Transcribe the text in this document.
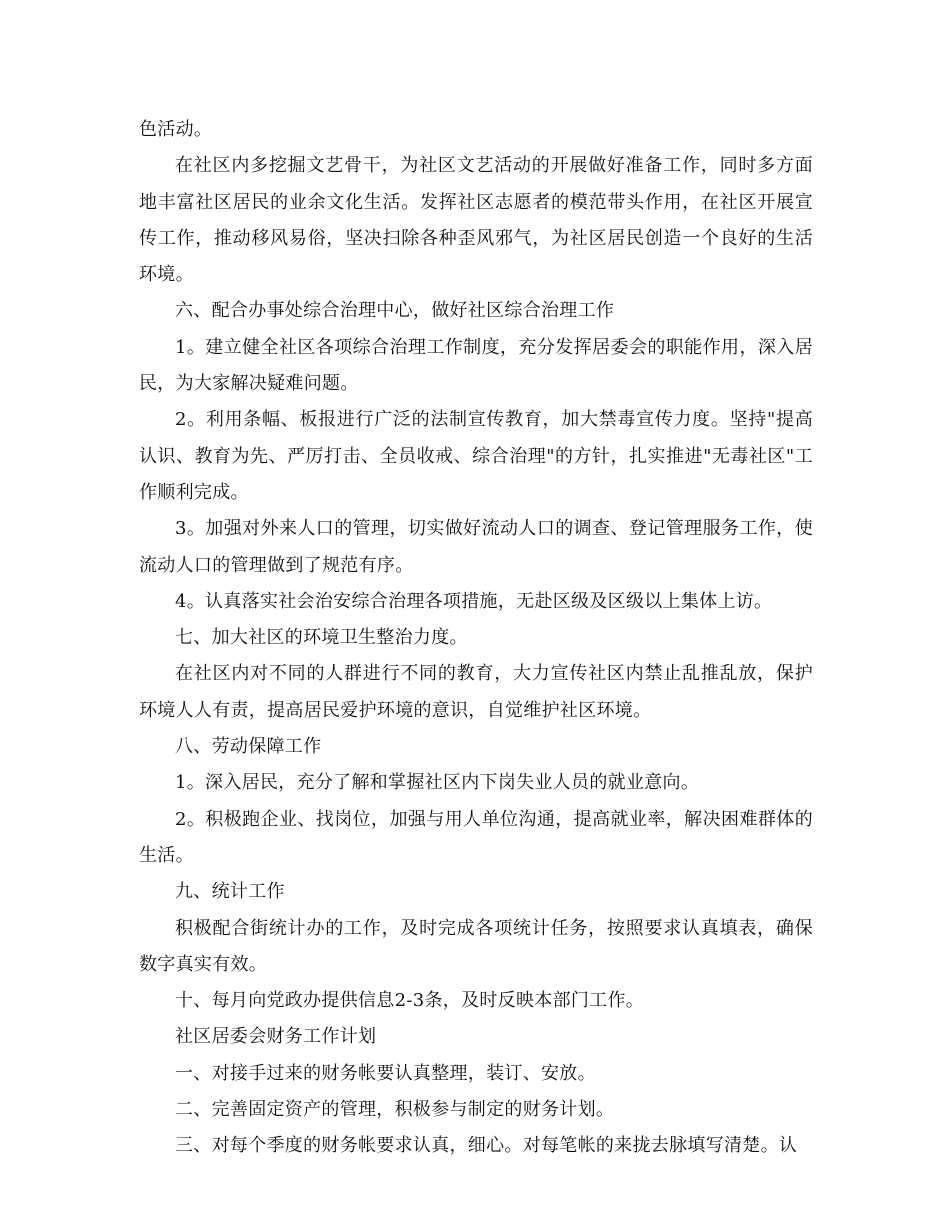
色活动。

在社区内多挖掘文艺骨干，为社区文艺活动的开展做好准备工作，同时多方面地丰富社区居民的业余文化生活。发挥社区志愿者的模范带头作用，在社区开展宣传工作，推动移风易俗，坚决扫除各种歪风邪气，为社区居民创造一个良好的生活环境。

六、配合办事处综合治理中心，做好社区综合治理工作

1。建立健全社区各项综合治理工作制度，充分发挥居委会的职能作用，深入居民，为大家解决疑难问题。

2。利用条幅、板报进行广泛的法制宣传教育，加大禁毒宣传力度。坚持"提高认识、教育为先、严厉打击、全员收戒、综合治理"的方针，扎实推进"无毒社区"工作顺利完成。

3。加强对外来人口的管理，切实做好流动人口的调查、登记管理服务工作，使流动人口的管理做到了规范有序。

4。认真落实社会治安综合治理各项措施，无赴区级及区级以上集体上访。

七、加大社区的环境卫生整治力度。

在社区内对不同的人群进行不同的教育，大力宣传社区内禁止乱推乱放，保护环境人人有责，提高居民爱护环境的意识，自觉维护社区环境。

八、劳动保障工作

1。深入居民，充分了解和掌握社区内下岗失业人员的就业意向。

2。积极跑企业、找岗位，加强与用人单位沟通，提高就业率，解决困难群体的生活。

九、统计工作

积极配合街统计办的工作，及时完成各项统计任务，按照要求认真填表，确保数字真实有效。

十、每月向党政办提供信息2-3条，及时反映本部门工作。

社区居委会财务工作计划

一、对接手过来的财务帐要认真整理，装订、安放。

二、完善固定资产的管理，积极参与制定的财务计划。

三、对每个季度的财务帐要求认真，细心。对每笔帐的来拢去脉填写清楚。认
